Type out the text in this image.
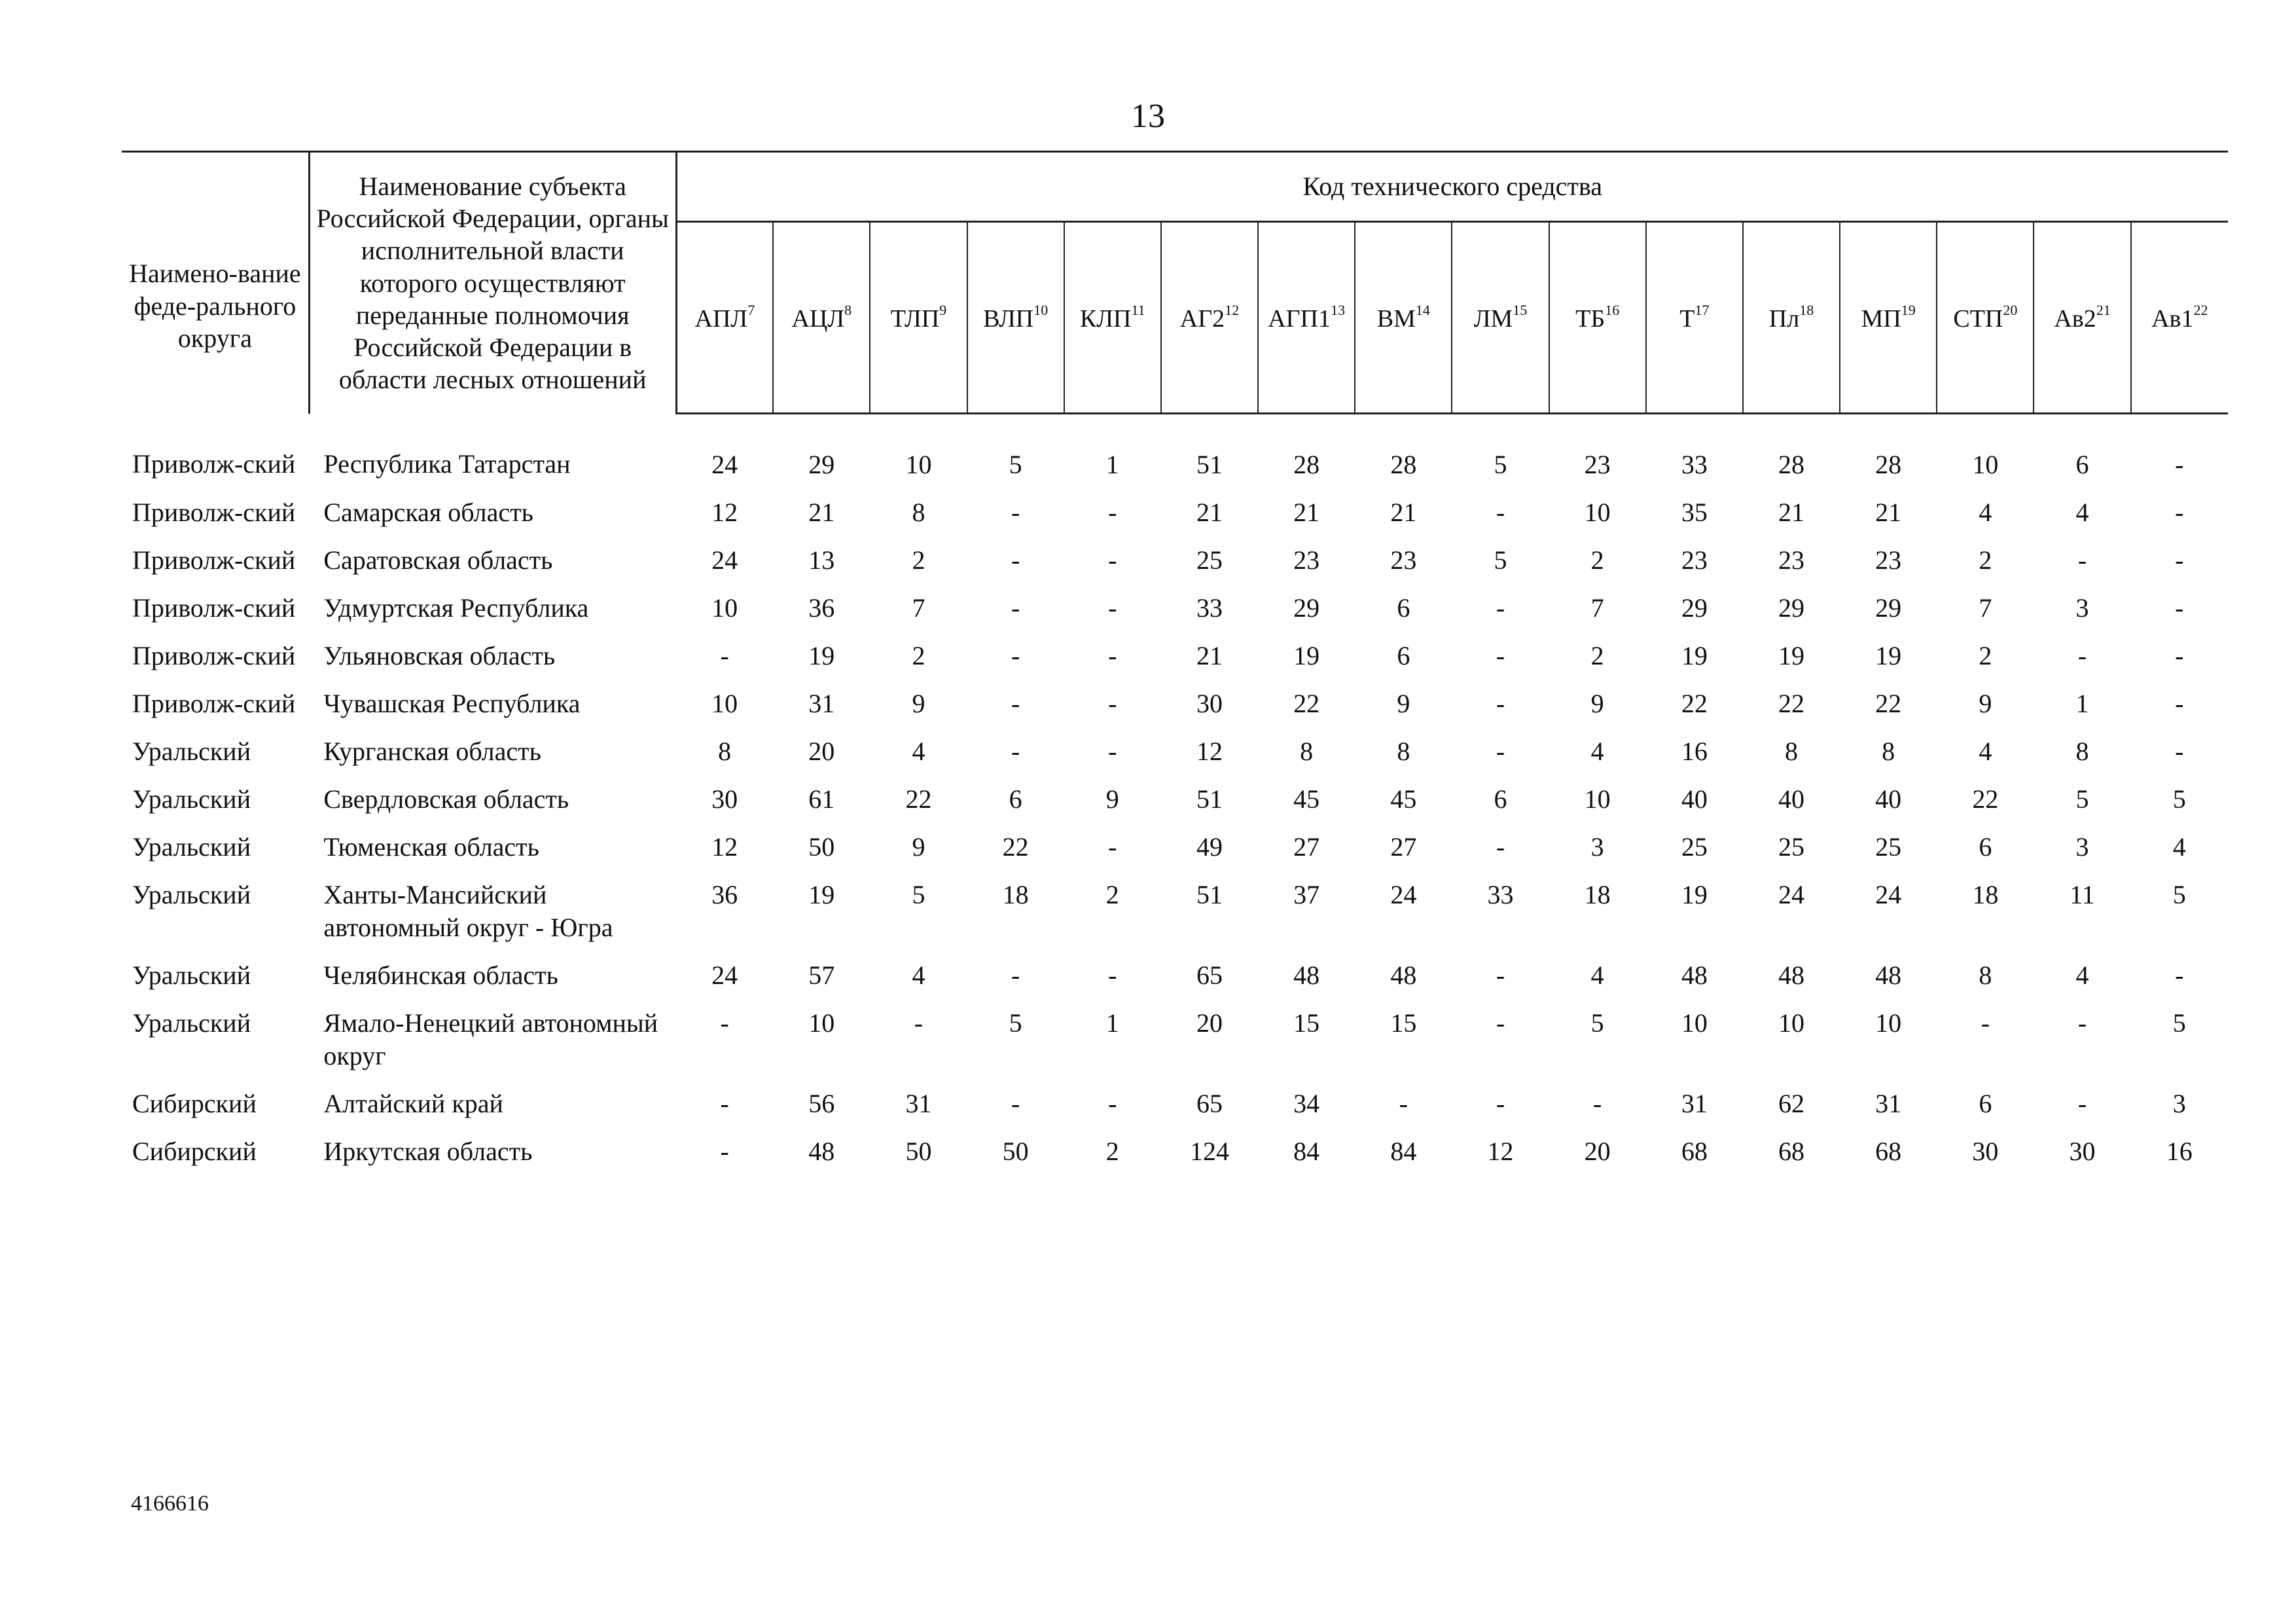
13
Наимено-вание феде-рального округа	Наименование субъекта Российской Федерации, органы исполнительной власти которого осуществляют переданные полномочия Российской Федерации в области лесных отношений	Код технического средства															
		АПЛ$^7$	АЦЛ$^8$	ТЛП$^9$	ВЛП$^{10}$	КЛП$^{11}$	$АГ2^{12}$	$АГП1^{13}$	ВМ$^{14}$	ЛМ$^{15}$	ТБ$^{16}$	$Т^{17}$	$Пл^{18}$	МП$^{19}$	СТП$^{20}$	$Ав2^{21}$	$Ав1^{22}$
Приволж-ский	Республика Татарстан	24	29	10	5	1	51	28	28	5	23	33	28	28	10	6	-
Приволж-ский	Самарская область	12	21	8	-	-	21	21	21	-	10	35	21	21	4	4	-
Приволж-ский	Саратовская область	24	13	2	-	-	25	23	23	5	2	23	23	23	2	-	-
Приволж-ский	Удмуртская Республика	10	36	7	-	-	33	29	6	-	7	29	29	29	7	3	-
Приволж-ский	Ульяновская область	-	19	2	-	-	21	19	6	-	2	19	19	19	2	-	-
Приволж-ский	Чувашская Республика	10	31	9	-	-	30	22	9	-	9	22	22	22	9	1	-
Уральский	Курганская область	8	20	4	-	-	12	8	8	-	4	16	8	8	4	8	-
Уральский	Свердловская область	30	61	22	6	9	51	45	45	6	10	40	40	40	22	5	5
Уральский	Тюменская область	12	50	9	22	-	49	27	27	-	3	25	25	25	6	3	4
Уральский	Ханты-Мансийский автономный округ - Югра	36	19	5	18	2	51	37	24	33	18	19	24	24	18	11	5
Уральский	Челябинская область	24	57	4	-	-	65	48	48	-	4	48	48	48	8	4	-
Уральский	Ямало-Ненецкий автономный округ	-	10	-	5	1	20	15	15	-	5	10	10	10	-	-	5
Сибирский	Алтайский край	-	56	31	-	-	65	34	-	-	-	31	62	31	6	-	3
Сибирский	Иркутская область	-	48	50	50	2	124	84	84	12	20	68	68	68	30	30	16
4166616
